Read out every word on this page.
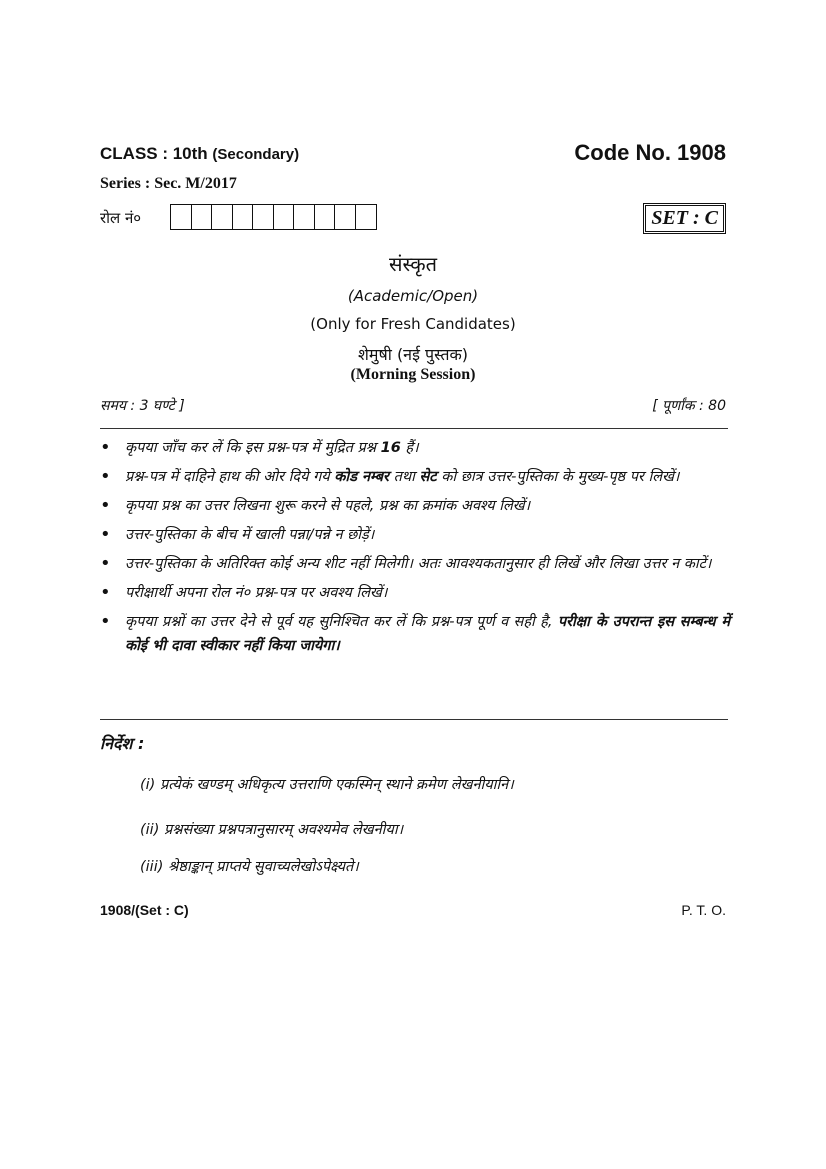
CLASS : 10th (Secondary)	Code No. 1908
Series : Sec. M/2017
रोल नं०	SET : C
संस्कृत
(Academic/Open)
(Only for Fresh Candidates)
शेमुषी (नई पुस्तक)
(Morning Session)
समय : 3 घण्टे ]	[ पूर्णांक : 80
• कृपया जाँच कर लें कि इस प्रश्न-पत्र में मुद्रित प्रश्न 16 हैं।
• प्रश्न-पत्र में दाहिने हाथ की ओर दिये गये कोड नम्बर तथा सेट को छात्र उत्तर-पुस्तिका के मुख्य-पृष्ठ पर लिखें।
• कृपया प्रश्न का उत्तर लिखना शुरू करने से पहले, प्रश्न का क्रमांक अवश्य लिखें।
• उत्तर-पुस्तिका के बीच में खाली पन्ना/पन्ने न छोड़ें।
• उत्तर-पुस्तिका के अतिरिक्त कोई अन्य शीट नहीं मिलेगी। अतः आवश्यकतानुसार ही लिखें और लिखा उत्तर न काटें।
• परीक्षार्थी अपना रोल नं० प्रश्न-पत्र पर अवश्य लिखें।
• कृपया प्रश्नों का उत्तर देने से पूर्व यह सुनिश्चित कर लें कि प्रश्न-पत्र पूर्ण व सही है, परीक्षा के उपरान्त इस सम्बन्ध में कोई भी दावा स्वीकार नहीं किया जायेगा।
निर्देश :
(i) प्रत्येकं खण्डम् अधिकृत्य उत्तराणि एकस्मिन् स्थाने क्रमेण लेखनीयानि।
(ii) प्रश्नसंख्या प्रश्नपत्रानुसारम् अवश्यमेव लेखनीया।
(iii) श्रेष्ठाङ्कान् प्राप्तये सुवाच्यलेखोऽपेक्ष्यते।
1908/(Set : C)	P. T. O.
